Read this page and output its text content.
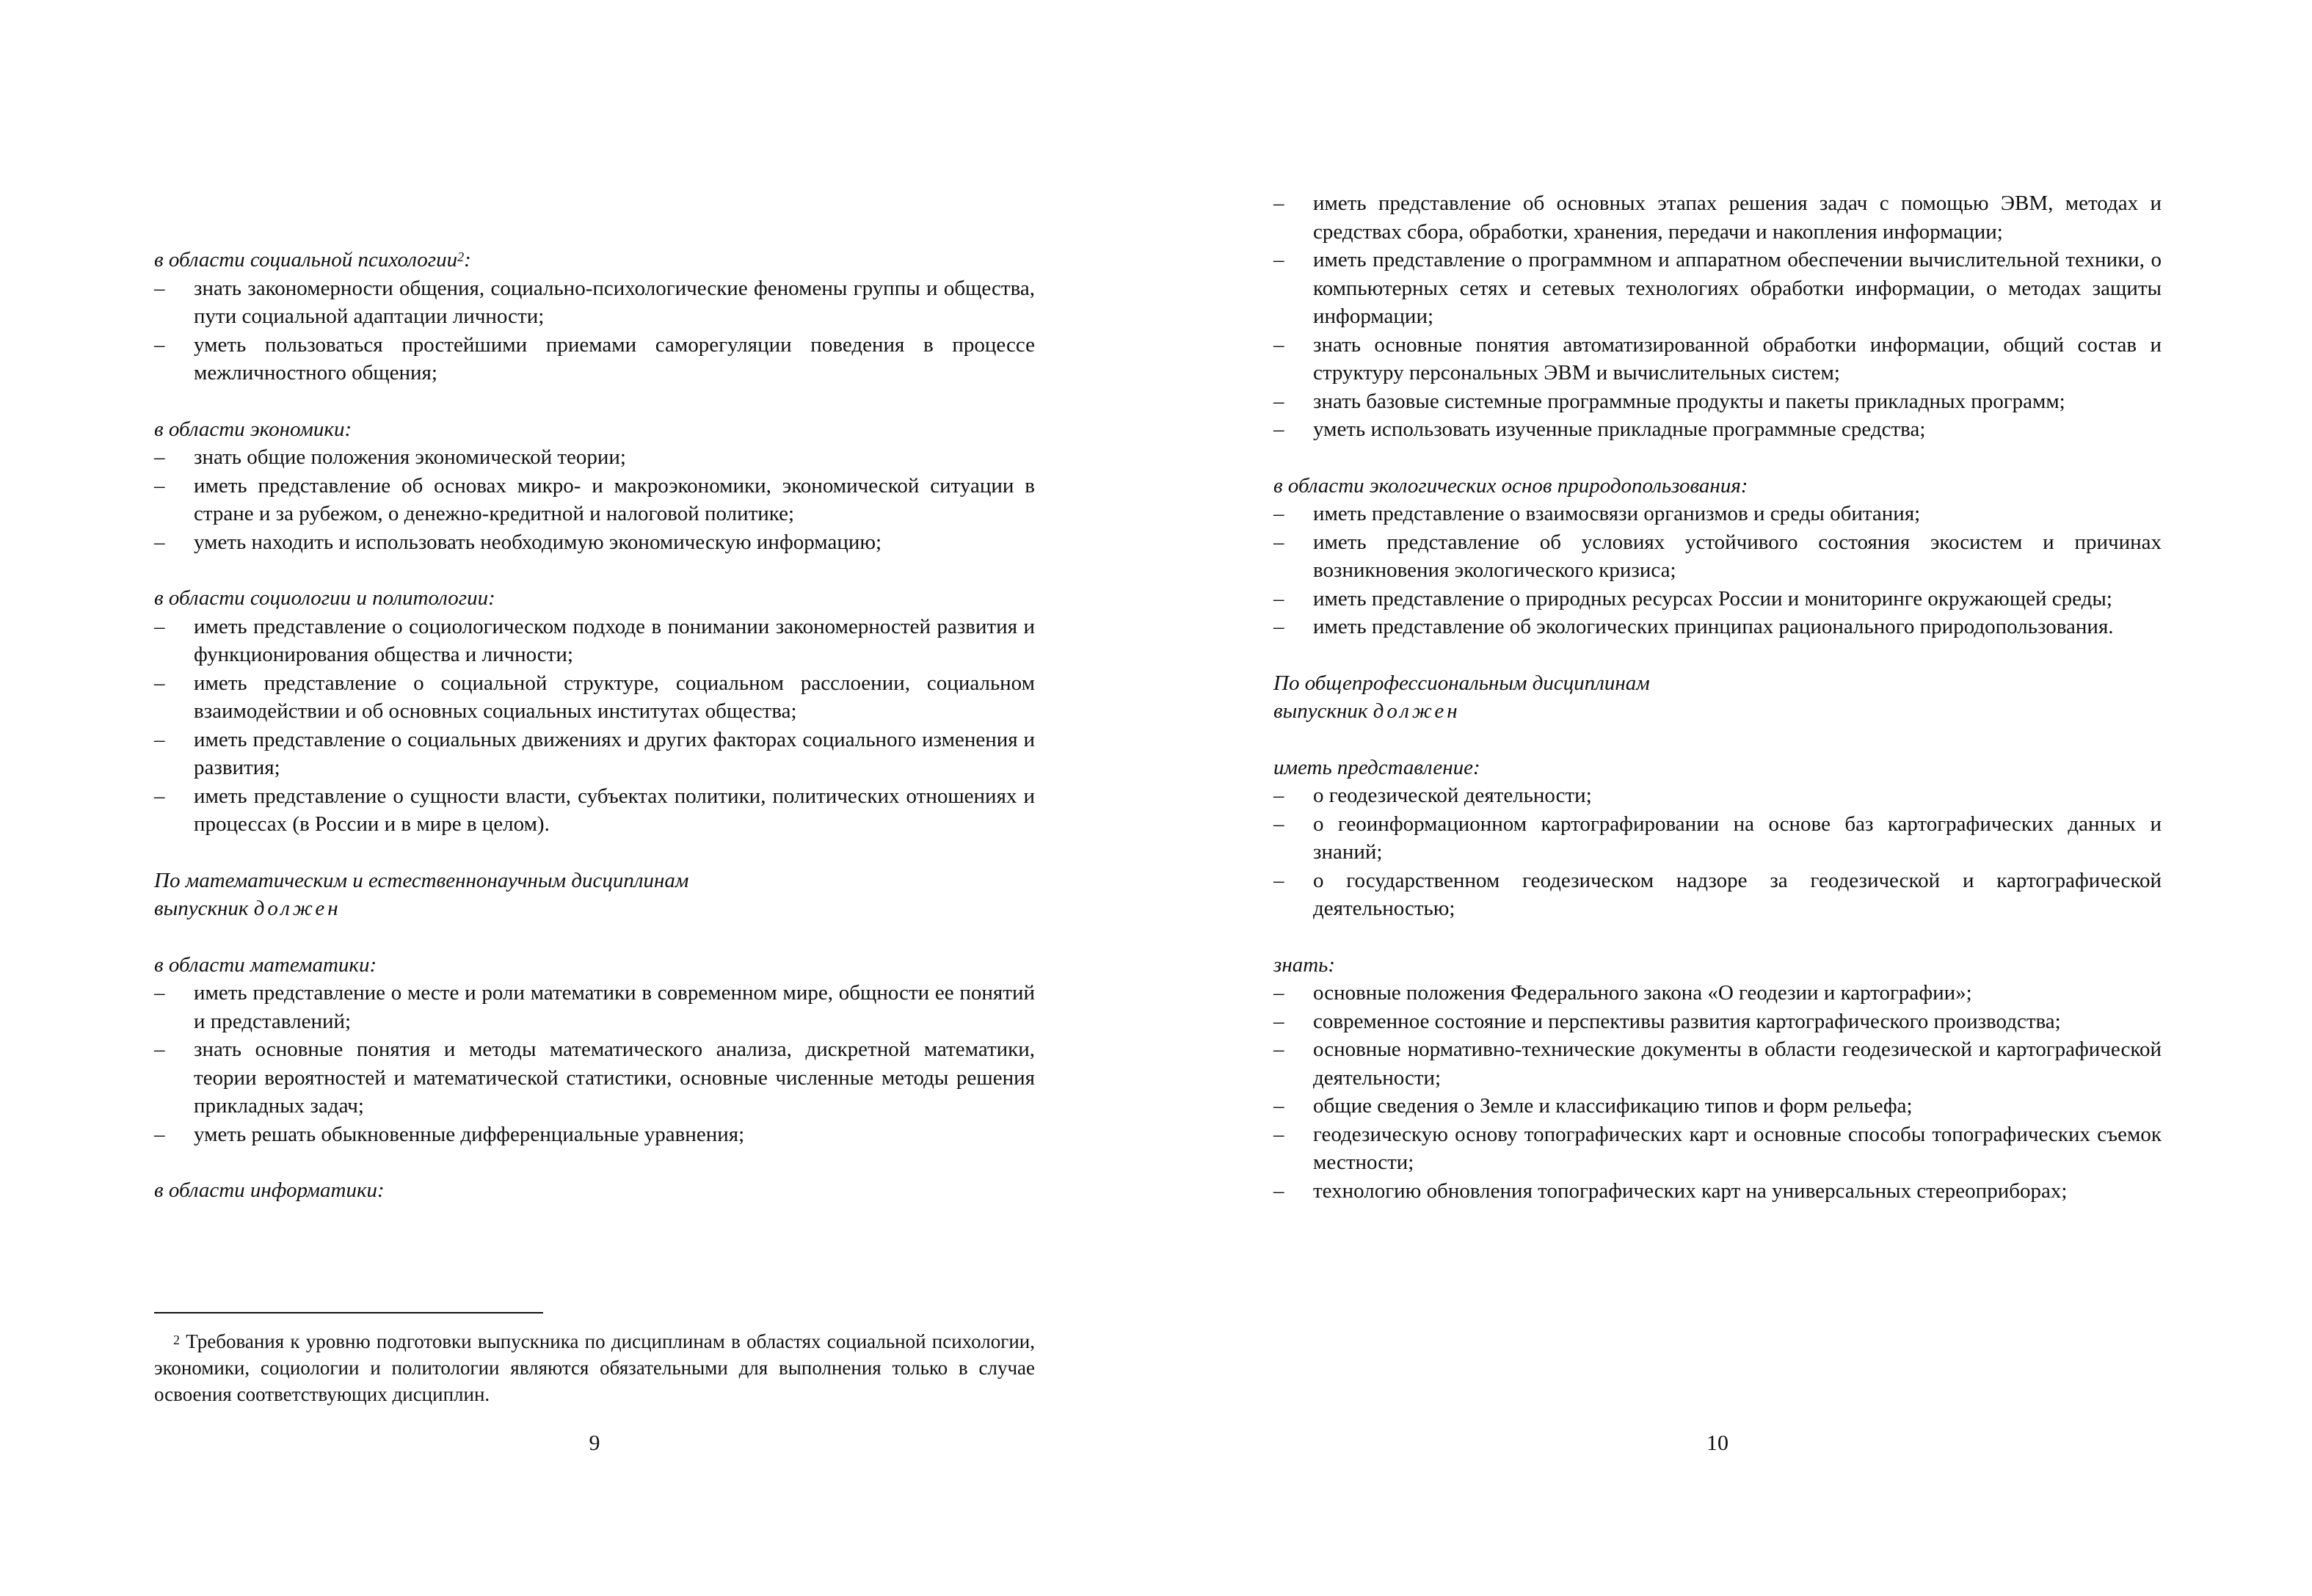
в области социальной психологии$^2$:

– знать закономерности общения, социально-психологические феномены группы и общества, пути социальной адаптации личности;
– уметь пользоваться простейшими приемами саморегуляции поведения в процессе межличностного общения;

в области экономики:

– знать общие положения экономической теории;
– иметь представление об основах микро- и макроэкономики, экономической ситуации в стране и за рубежом, о денежно-кредитной и налоговой политике;
– уметь находить и использовать необходимую экономическую информацию;

в области социологии и политологии:

– иметь представление о социологическом подходе в понимании закономерностей развития и функционирования общества и личности;
– иметь представление о социальной структуре, социальном расслоении, социальном взаимодействии и об основных социальных институтах общества;
– иметь представление о социальных движениях и других факторах социального изменения и развития;
– иметь представление о сущности власти, субъектах политики, политических отношениях и процессах (в России и в мире в целом).

По математическим и естественнонаучным дисциплинам

выпускник должен

в области математики:

– иметь представление о месте и роли математики в современном мире, общности ее понятий и представлений;
– знать основные понятия и методы математического анализа, дискретной математики, теории вероятностей и математической статистики, основные численные методы решения прикладных задач;
– уметь решать обыкновенные дифференциальные уравнения;

в области информатики:

$^2$ Требования к уровню подготовки выпускника по дисциплинам в областях социальной психологии, экономики, социологии и политологии являются обязательными для выполнения только в случае освоения соответствующих дисциплин.
9
– иметь представление об основных этапах решения задач с помощью ЭВМ, методах и средствах сбора, обработки, хранения, передачи и накопления информации;
– иметь представление о программном и аппаратном обеспечении вычислительной техники, о компьютерных сетях и сетевых технологиях обработки информации, о методах защиты информации;
– знать основные понятия автоматизированной обработки информации, общий состав и структуру персональных ЭВМ и вычислительных систем;
– знать базовые системные программные продукты и пакеты прикладных программ;
– уметь использовать изученные прикладные программные средства;

в области экологических основ природопользования:

– иметь представление о взаимосвязи организмов и среды обитания;
– иметь представление об условиях устойчивого состояния экосистем и причинах возникновения экологического кризиса;
– иметь представление о природных ресурсах России и мониторинге окружающей среды;
– иметь представление об экологических принципах рационального природопользования.

По общепрофессиональным дисциплинам

выпускник должен

иметь представление:

– о геодезической деятельности;
– о геоинформационном картографировании на основе баз картографических данных и знаний;
– о государственном геодезическом надзоре за геодезической и картографической деятельностью;

знать:

– основные положения Федерального закона «О геодезии и картографии»;
– современное состояние и перспективы развития картографического производства;
– основные нормативно-технические документы в области геодезической и картографической деятельности;
– общие сведения о Земле и классификацию типов и форм рельефа;
– геодезическую основу топографических карт и основные способы топографических съемок местности;
– технологию обновления топографических карт на универсальных стереоприборах;
10
